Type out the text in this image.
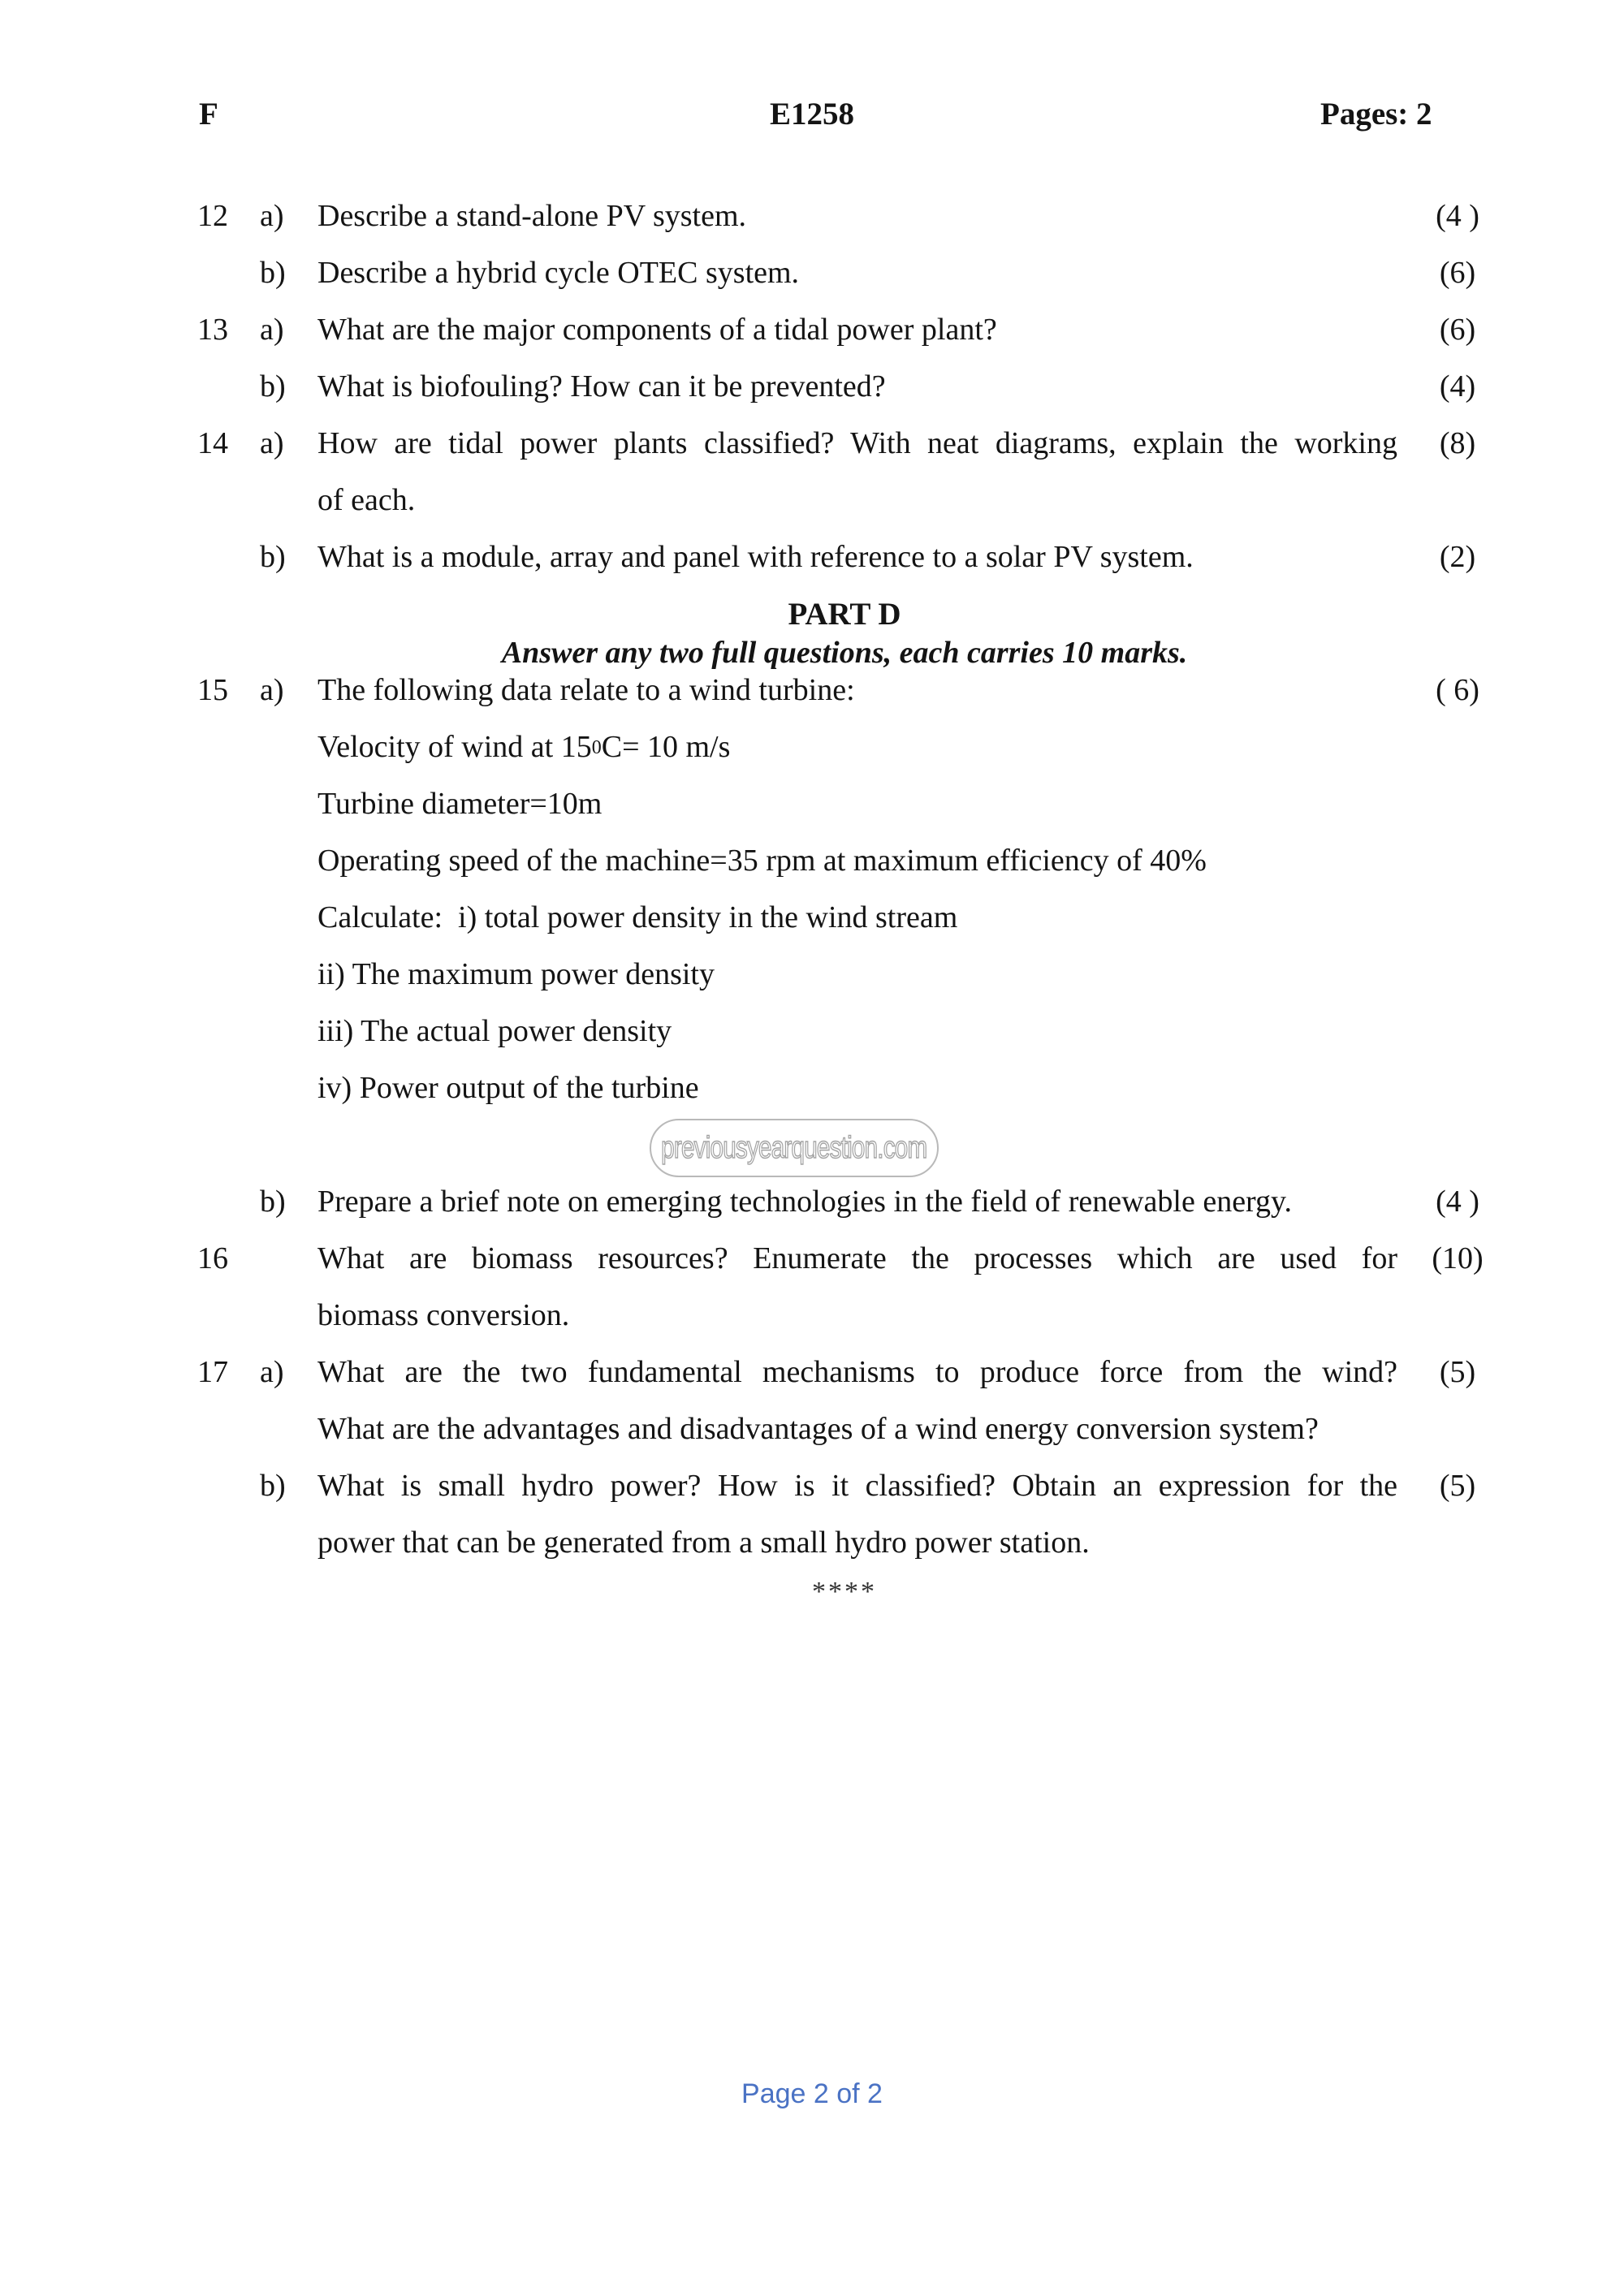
F	E1258	Pages: 2
12	a)	Describe a stand-alone PV system.	(4 )
b)	Describe a hybrid cycle OTEC system.	(6)
13	a)	What are the major components of a tidal power plant?	(6)
b)	What is biofouling? How can it be prevented?	(4)
14	a)	How are tidal power plants classified? With neat diagrams, explain the working	(8)
of each.
b)	What is a module, array and panel with reference to a solar PV system.	(2)
PART D
Answer any two full questions, each carries 10 marks.
15	a)	The following data relate to a wind turbine:	( 6)
Velocity of wind at $15^0C= 10$ m/s
Turbine diameter=10m
Operating speed of the machine=35 rpm at maximum efficiency of 40%
Calculate:  i) total power density in the wind stream
ii) The maximum power density
iii) The actual power density
iv) Power output of the turbine
previousyearquestion.com
b)	Prepare a brief note on emerging technologies in the field of renewable energy.	(4 )
16	What are biomass resources? Enumerate the processes which are used for	(10)
biomass conversion.
17	a)	What are the two fundamental mechanisms to produce force from the wind?	(5)
What are the advantages and disadvantages of a wind energy conversion system?
b)	What is small hydro power? How is it classified? Obtain an expression for the	(5)
power that can be generated from a small hydro power station.
****
Page 2 of 2
